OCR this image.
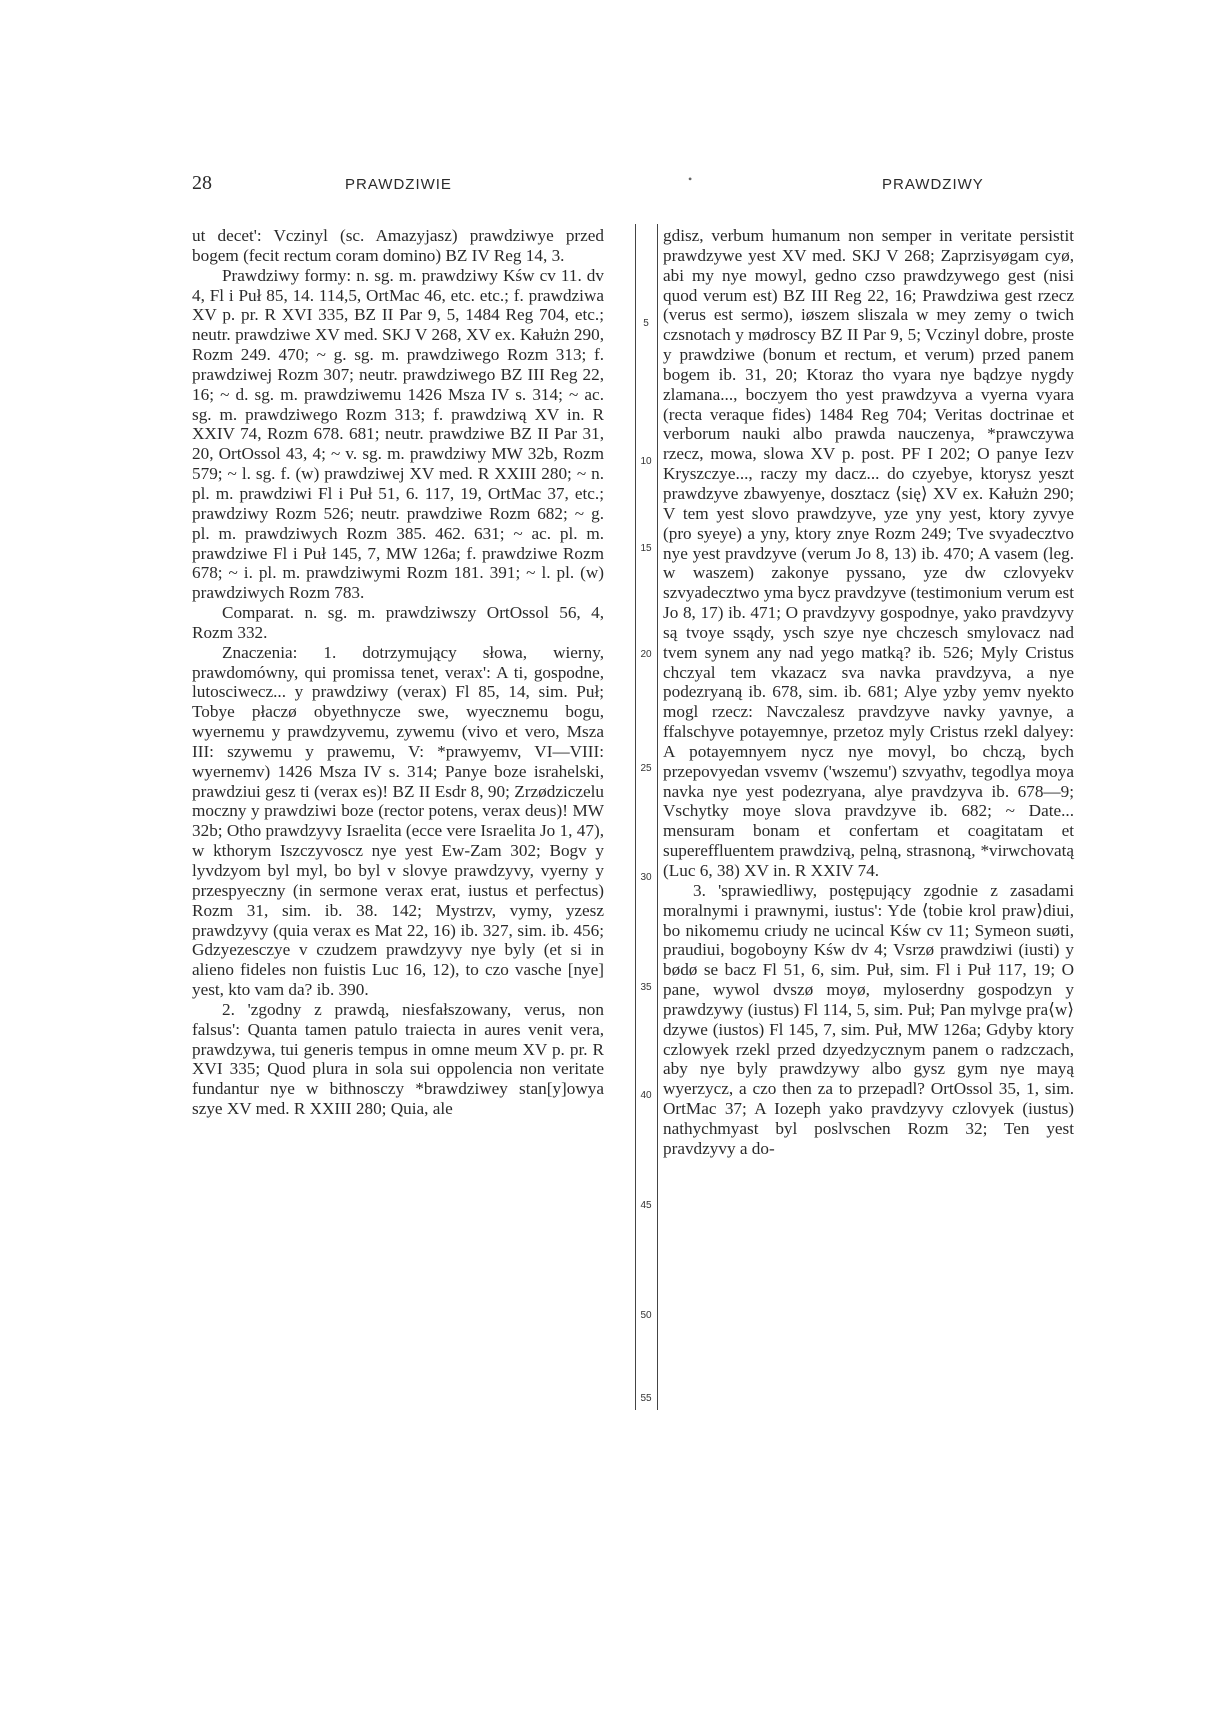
28	PRAWDZIWIE	•	PRAWDZIWY

ut decet': Vczinyl (sc. Amazyjasz) prawdziwye przed bogem (fecit rectum coram domino) BZ IV Reg 14, 3.

Prawdziwy formy: n. sg. m. prawdziwy Kśw cv 11. dv 4, Fl i Puł 85, 14. 114,5, OrtMac 46, etc. etc.; f. prawdziwa XV p. pr. R XVI 335, BZ II Par 9, 5, 1484 Reg 704, etc.; neutr. prawdziwe XV med. SKJ V 268, XV ex. Kałużn 290, Rozm 249. 470; ~ g. sg. m. prawdziwego Rozm 313; f. prawdziwej Rozm 307; neutr. prawdziwego BZ III Reg 22, 16; ~ d. sg. m. prawdziwemu 1426 Msza IV s. 314; ~ ac. sg. m. prawdziwego Rozm 313; f. prawdziwą XV in. R XXIV 74, Rozm 678. 681; neutr. prawdziwe BZ II Par 31, 20, OrtOssol 43, 4; ~ v. sg. m. prawdziwy MW 32b, Rozm 579; ~ l. sg. f. (w) prawdziwej XV med. R XXIII 280; ~ n. pl. m. prawdziwi Fl i Puł 51, 6. 117, 19, OrtMac 37, etc.; prawdziwy Rozm 526; neutr. prawdziwe Rozm 682; ~ g. pl. m. prawdziwych Rozm 385. 462. 631; ~ ac. pl. m. prawdziwe Fl i Puł 145, 7, MW 126a; f. prawdziwe Rozm 678; ~ i. pl. m. prawdziwymi Rozm 181. 391; ~ l. pl. (w) prawdziwych Rozm 783.

Comparat. n. sg. m. prawdziwszy OrtOssol 56, 4, Rozm 332.

Znaczenia: 1. dotrzymujący słowa, wierny, prawdomówny, qui promissa tenet, verax': A ti, gospodne, lutosciwecz... y prawdziwy (verax) Fl 85, 14, sim. Puł; Tobye płaczø obyethnycze swe, wyecznemu bogu, wyernemu y prawdzyvemu, zywemu (vivo et vero, Msza III: szywemu y prawemu, V: *prawyemv, VI—VIII: wyernemv) 1426 Msza IV s. 314; Panye boze israhelski, prawdziui gesz ti (verax es)! BZ II Esdr 8, 90; Zrzødziczelu moczny y prawdziwi boze (rector potens, verax deus)! MW 32b; Otho prawdzyvy Israelita (ecce vere Israelita Jo 1, 47), w kthorym Iszczyvoscz nye yest Ew-Zam 302; Bogv y lyvdzyom byl myl, bo byl v slovye prawdzyvy, vyerny y przespyeczny (in sermone verax erat, iustus et perfectus) Rozm 31, sim. ib. 38. 142; Mystrzv, vymy, yzesz prawdzyvy (quia verax es Mat 22, 16) ib. 327, sim. ib. 456; Gdzyezesczye v czudzem prawdzyvy nye byly (et si in alieno fideles non fuistis Luc 16, 12), to czo vasche [nye] yest, kto vam da? ib. 390.

2. 'zgodny z prawdą, niesfałszowany, verus, non falsus': Quanta tamen patulo traiecta in aures venit vera, prawdzywa, tui generis tempus in omne meum XV p. pr. R XVI 335; Quod plura in sola sui oppolencia non veritate fundantur nye w bithnosczy *brawdziwey stan[y]owya szye XV med. R XXIII 280; Quia, ale

5
10
15
20
25
30
35
40
45
50
55

gdisz, verbum humanum non semper in veritate persistit prawdzywe yest XV med. SKJ V 268; Zaprzisyøgam cyø, abi my nye mowyl, gedno czso prawdzywego gest (nisi quod verum est) BZ III Reg 22, 16; Prawdziwa gest rzecz (verus est sermo), iøszem sliszala w mey zemy o twich czsnotach y mødroscy BZ II Par 9, 5; Vczinyl dobre, proste y prawdziwe (bonum et rectum, et verum) przed panem bogem ib. 31, 20; Ktoraz tho vyara nye bądzye nygdy zlamana..., boczyem tho yest prawdzyva a vyerna vyara (recta veraque fides) 1484 Reg 704; Veritas doctrinae et verborum nauki albo prawda nauczenya, *prawczywa rzecz, mowa, slowa XV p. post. PF I 202; O panye Iezv Kryszczye..., raczy my dacz... do czyebye, ktorysz yeszt prawdzyve zbawyenye, dosztacz ⟨się⟩ XV ex. Kałużn 290; V tem yest slovo prawdzyve, yze yny yest, ktory zyvye (pro syeye) a yny, ktory znye Rozm 249; Tve svyadecztvo nye yest pravdzyve (verum Jo 8, 13) ib. 470; A vasem (leg. w waszem) zakonye pyssano, yze dw czlovyekv szvyadecztwo yma bycz pravdzyve (testimonium verum est Jo 8, 17) ib. 471; O pravdzyvy gospodnye, yako pravdzyvy są tvoye ssądy, ysch szye nye chczesch smylovacz nad tvem synem any nad yego matką? ib. 526; Myly Cristus chczyal tem vkazacz sva navka pravdzyva, a nye podezryaną ib. 678, sim. ib. 681; Alye yzby yemv nyekto mogl rzecz: Navczalesz pravdzyve navky yavnye, a ffalschyve potayemnye, przetoz myly Cristus rzekl dalyey: A potayemnyem nycz nye movyl, bo chczą, bych przepovyedan vsvemv ('wszemu') szvyathv, tegodlya moya navka nye yest podezryana, alye pravdzyva ib. 678—9; Vschytky moye slova pravdzyve ib. 682; ~ Date... mensuram bonam et confertam et coagitatam et supereffluentem prawdzivą, pelną, strasnoną, *virwchovatą (Luc 6, 38) XV in. R XXIV 74.

3. 'sprawiedliwy, postępujący zgodnie z zasadami moralnymi i prawnymi, iustus': Yde ⟨tobie krol praw⟩diui, bo nikomemu criudy ne ucincal Kśw cv 11; Symeon suøti, praudiui, bogoboyny Kśw dv 4; Vsrzø prawdziwi (iusti) y bødø se bacz Fl 51, 6, sim. Puł, sim. Fl i Puł 117, 19; O pane, wywol dvszø moyø, myloserdny gospodzyn y prawdzywy (iustus) Fl 114, 5, sim. Puł; Pan mylvge pra⟨w⟩dzywe (iustos) Fl 145, 7, sim. Puł, MW 126a; Gdyby ktory czlowyek rzekl przed dzyedzycznym panem o radzczach, aby nye byly prawdzywy albo gysz gym nye mayą wyerzycz, a czo then za to przepadl? OrtOssol 35, 1, sim. OrtMac 37; A Iozeph yako pravdzyvy czlovyek (iustus) nathychmyast byl poslvschen Rozm 32; Ten yest pravdzyvy a do-
